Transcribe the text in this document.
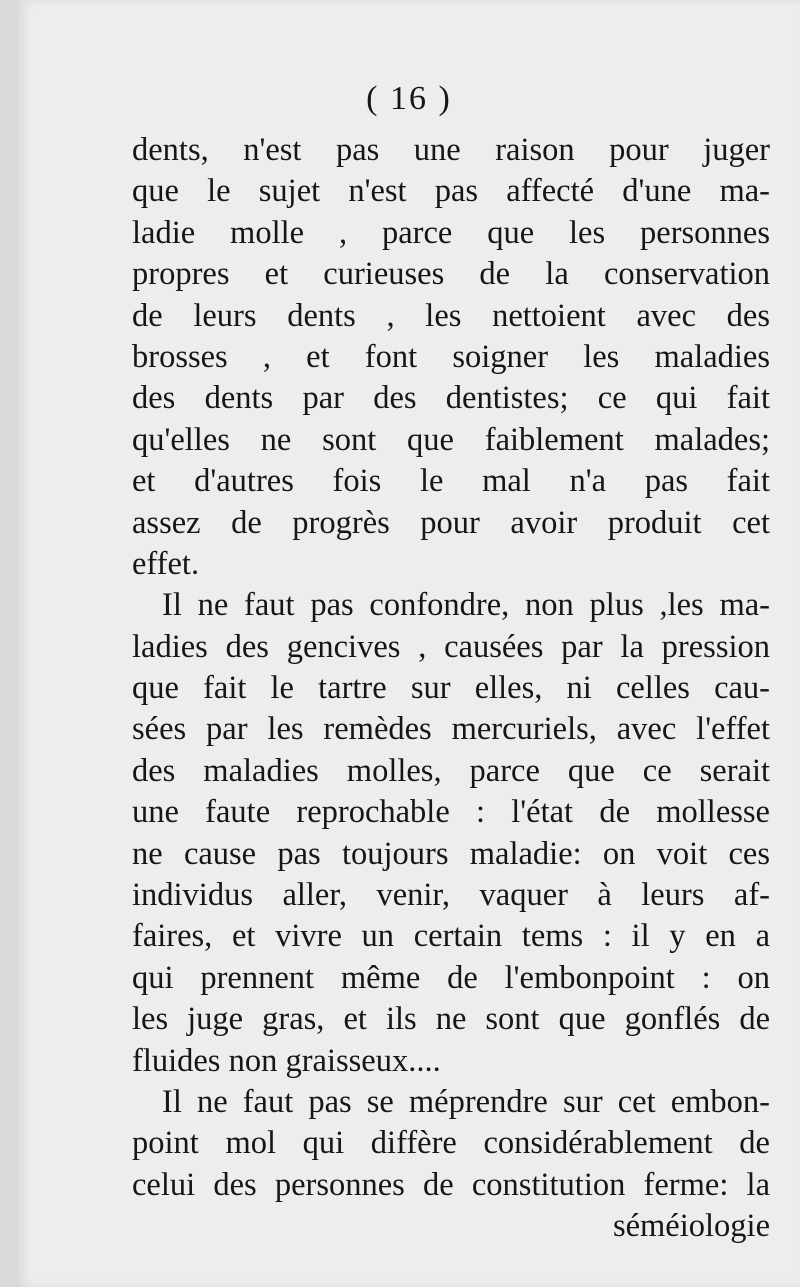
( 16 )
dents, n'est pas une raison pour juger
que le sujet n'est pas affecté d'une ma-
ladie molle , parce que les personnes
propres et curieuses de la conservation
de leurs dents , les nettoient avec des
brosses , et font soigner les maladies
des dents par des dentistes; ce qui fait
qu'elles ne sont que faiblement malades;
et d'autres fois le mal n'a pas fait
assez de progrès pour avoir produit cet
effet.
Il ne faut pas confondre, non plus ,les ma-
ladies des gencives , causées par la pression
que fait le tartre sur elles, ni celles cau-
sées par les remèdes mercuriels, avec l'effet
des maladies molles, parce que ce serait
une faute reprochable : l'état de mollesse
ne cause pas toujours maladie: on voit ces
individus aller, venir, vaquer à leurs af-
faires, et vivre un certain tems : il y en a
qui prennent même de l'embonpoint : on
les juge gras, et ils ne sont que gonflés de
fluides non graisseux....
Il ne faut pas se méprendre sur cet embon-
point mol qui diffère considérablement de
celui des personnes de constitution ferme: la
séméiologie
